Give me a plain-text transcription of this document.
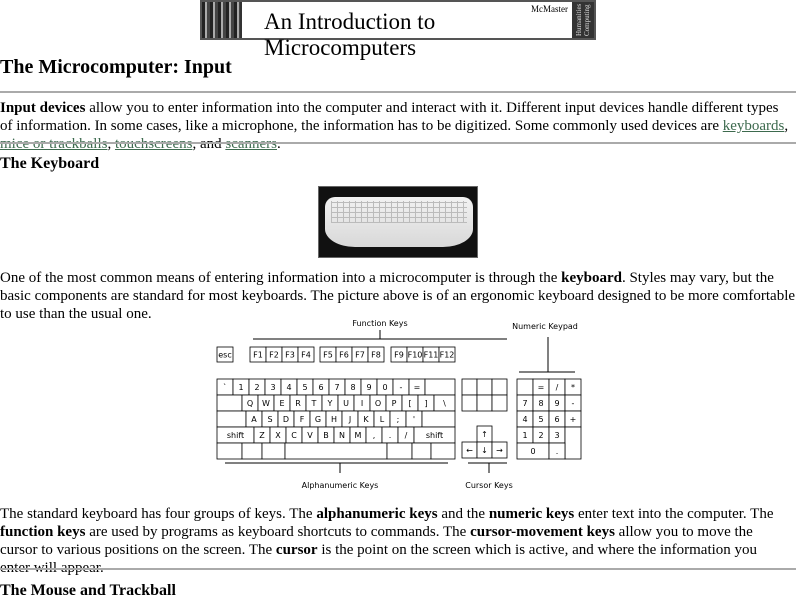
An Introduction to Microcomputers
McMaster	Humanities Computing
The Microcomputer: Input

Input devices allow you to enter information into the computer and interact with it. Different input devices handle different types of information. In some cases, like a microphone, the information has to be digitized. Some commonly used devices are keyboards, mice or trackballs, touchscreens, and scanners.

The Keyboard

One of the most common means of entering information into a microcomputer is through the keyboard. Styles may vary, but the basic components are standard for most keyboards. The picture above is of an ergonomic keyboard designed to be more comfortable to use than the usual one.

Function Keys	Numeric Keypad
Alphanumeric Keys	Cursor Keys
esc	F1 F2 F3 F4 F5 F6 F7 F8 F9 F10 F11 F12
` 1 2 3 4 5 6 7 8 9 0 - =
Q W E R T Y U I O P [ ] \
A S D F G H J K L ; '
shift Z X C V B N M , . / shift	↑
← ↓ →
= / *
7 8 9 -
4 5 6 +
1 2 3
0	.

The standard keyboard has four groups of keys. The alphanumeric keys and the numeric keys enter text into the computer. The function keys are used by programs as keyboard shortcuts to commands. The cursor-movement keys allow you to move the cursor to various positions on the screen. The cursor is the point on the screen which is active, and where the information you enter will appear.

The Mouse and Trackball
